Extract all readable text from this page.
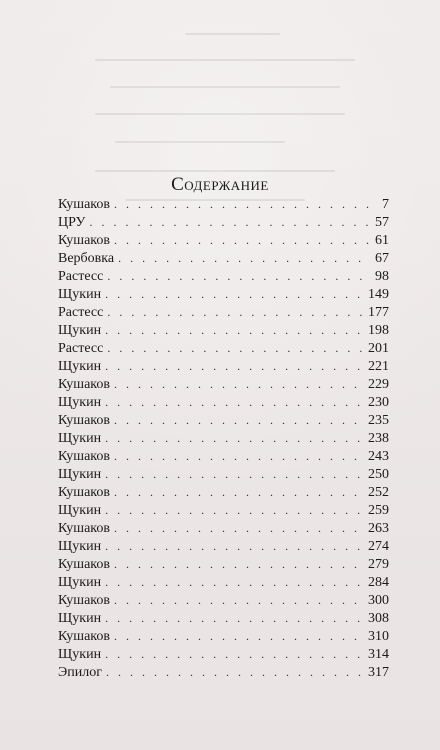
Содержание
Кушаков . . .	7
ЦРУ . . .	57
Кушаков . . .	61
Вербовка . . .	67
Растесс . . .	98
Щукин . . .	149
Растесс . . .	177
Щукин . . .	198
Растесс . . .	201
Щукин . . .	221
Кушаков . . .	229
Щукин . . .	230
Кушаков . . .	235
Щукин . . .	238
Кушаков . . .	243
Щукин . . .	250
Кушаков . . .	252
Щукин . . .	259
Кушаков . . .	263
Щукин . . .	274
Кушаков . . .	279
Щукин . . .	284
Кушаков . . .	300
Щукин . . .	308
Кушаков . . .	310
Щукин . . .	314
Эпилог . . .	317
